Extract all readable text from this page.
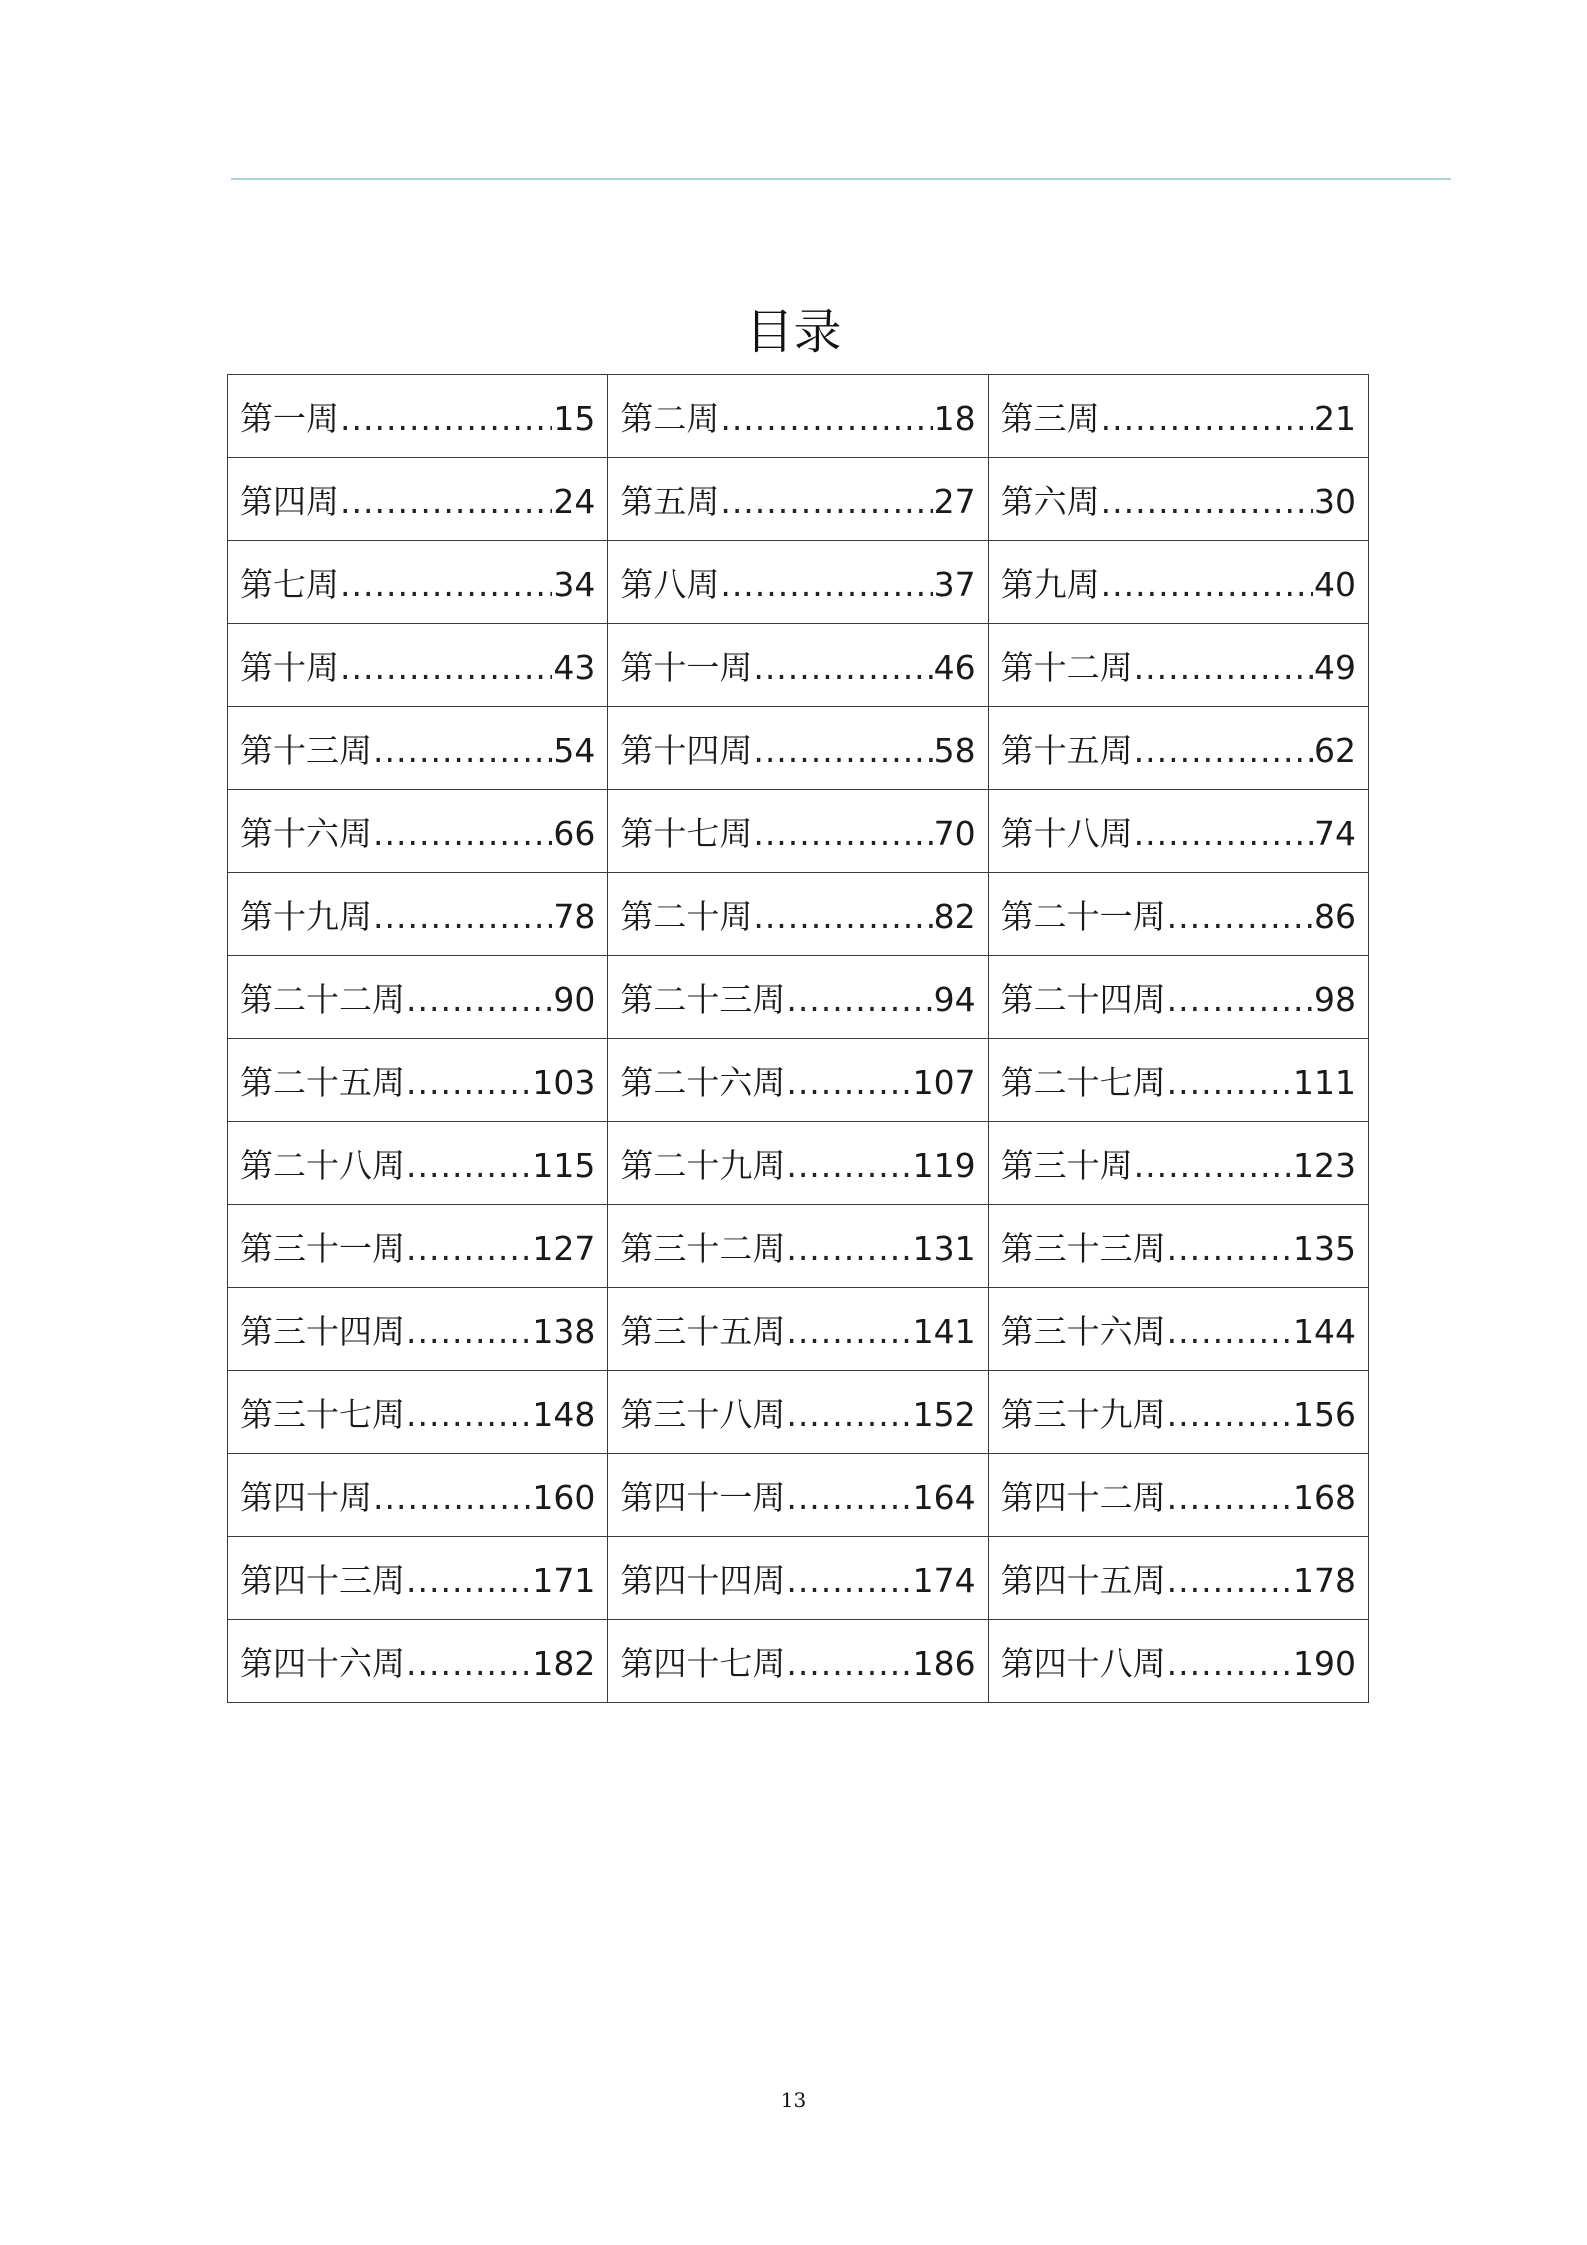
目录
第一周 ..... 15	第二周 ..... 18	第三周 ..... 21

第四周 ..... 24	第五周 ..... 27	第六周 ..... 30

第七周 ..... 34	第八周 ..... 37	第九周 ..... 40

第十周 ..... 43	第十一周 ..... 46	第十二周 ..... 49

第十三周 ..... 54	第十四周 ..... 58	第十五周 ..... 62

第十六周 ..... 66	第十七周 ..... 70	第十八周 ..... 74

第十九周 ..... 78	第二十周 ..... 82	第二十一周 ..... 86

第二十二周 ..... 90	第二十三周 ..... 94	第二十四周 ..... 98

第二十五周 ..... 103	第二十六周 ..... 107	第二十七周 ..... 111

第二十八周 ..... 115	第二十九周 ..... 119	第三十周 ..... 123

第三十一周 ..... 127	第三十二周 ..... 131	第三十三周 ..... 135

第三十四周 ..... 138	第三十五周 ..... 141	第三十六周 ..... 144

第三十七周 ..... 148	第三十八周 ..... 152	第三十九周 ..... 156

第四十周 ..... 160	第四十一周 ..... 164	第四十二周 ..... 168

第四十三周 ..... 171	第四十四周 ..... 174	第四十五周 ..... 178

第四十六周 ..... 182	第四十七周 ..... 186	第四十八周 ..... 190
13
